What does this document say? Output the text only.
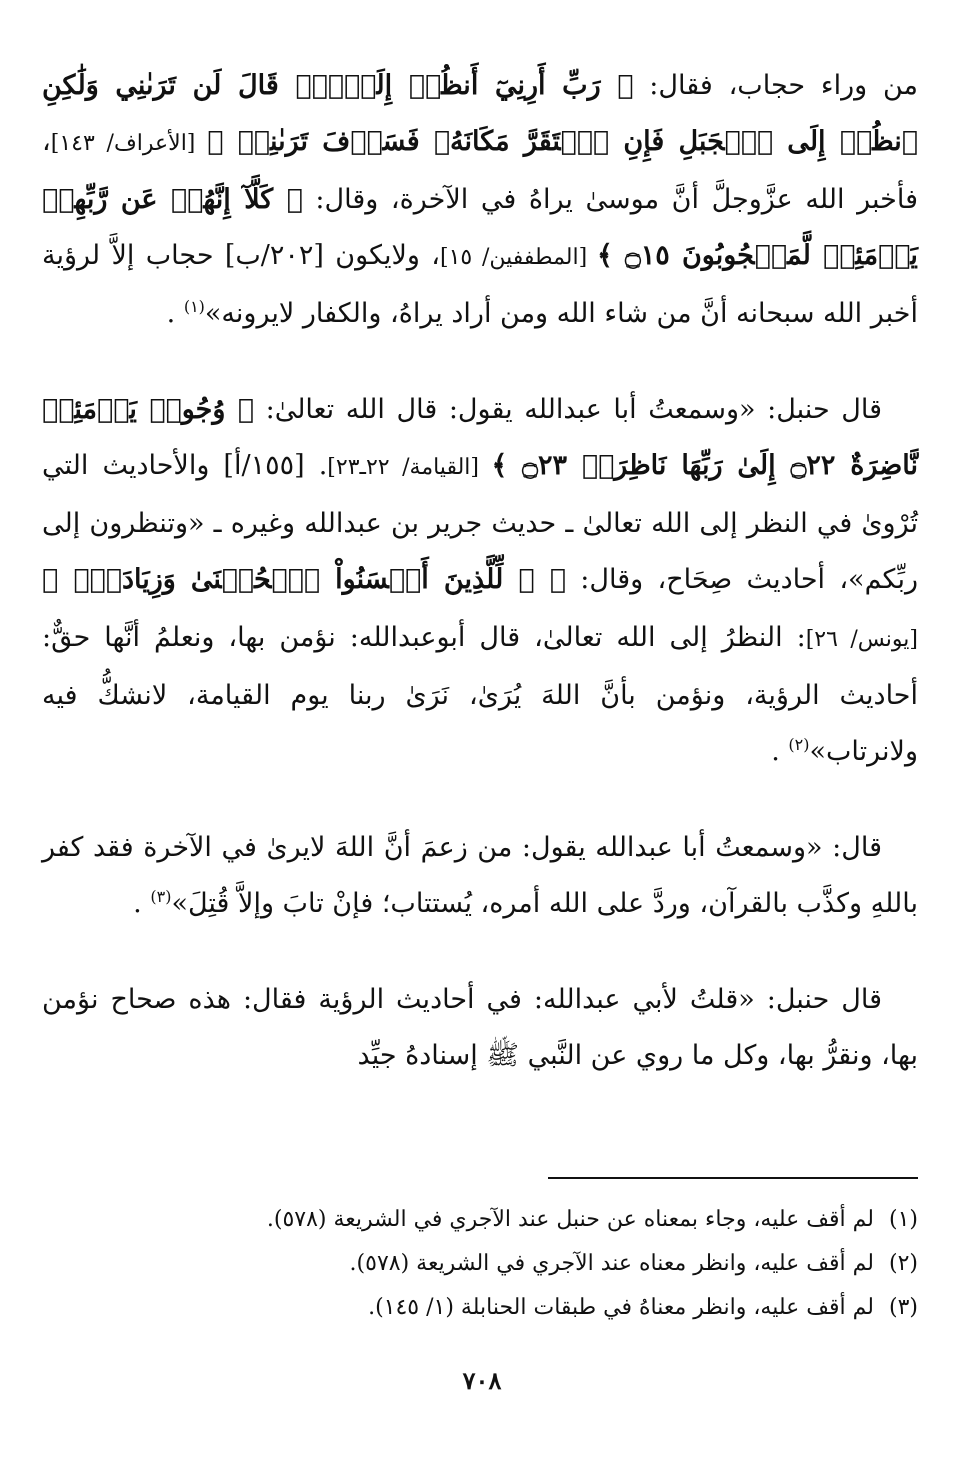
من وراء حجاب، فقال: ﴿ رَبِّ أَرِنِيٓ أَنظُرۡ إِلَيۡكَۚ قَالَ لَن تَرَىٰنِي وَلَٰكِنِ ٱنظُرۡ إِلَى ٱلۡجَبَلِ فَإِنِ ٱسۡتَقَرَّ مَكَانَهُۥ فَسَوۡفَ تَرَىٰنِيۚ ﴾ [الأعراف/ ١٤٣]، فأخبر الله عزَّوجلَّ أنَّ موسىٰ يراهُ في الآخرة، وقال: ﴿ كَلَّآ إِنَّهُمۡ عَن رَّبِّهِمۡ يَوۡمَئِذٖ لَّمَحۡجُوبُونَ ۝١٥ ﴾ [المطففين/ ١٥]، ولايكون [٢٠٢/ب] حجاب إلاَّ لرؤية أخبر الله سبحانه أنَّ من شاء الله ومن أراد يراهُ، والكفار لايرونه»$^{(١)}$ .

قال حنبل: «وسمعتُ أبا عبدالله يقول: قال الله تعالىٰ: ﴿ وُجُوهٞ يَوۡمَئِذٖ نَّاضِرَةٌ ۝٢٢ إِلَىٰ رَبِّهَا نَاظِرَةٞ ۝٢٣ ﴾ [القيامة/ ٢٢ـ٢٣]. [١٥٥/أ] والأحاديث التي تُرْوىٰ في النظر إلى الله تعالىٰ ـ حديث جرير بن عبدالله وغيره ـ «وتنظرون إلى ربِّكم»، أحاديث صِحَاح، وقال: ﴿ ۞ لِّلَّذِينَ أَحۡسَنُواْ ٱلۡحُسۡنَىٰ وَزِيَادَةٞۖ ﴾ [يونس/ ٢٦]: النظرُ إلى الله تعالىٰ، قال أبوعبدالله: نؤمن بها، ونعلمُ أنَّها حقٌّ: أحاديث الرؤية، ونؤمن بأنَّ اللهَ يُرَىٰ، نَرَىٰ ربنا يوم القيامة، لانشكُّ فيه ولانرتاب»$^{(٢)}$ .

قال: «وسمعتُ أبا عبدالله يقول: من زعمَ أنَّ اللهَ لايرىٰ في الآخرة فقد كفر باللهِ وكذَّب بالقرآن، وردَّ على الله أمره، يُستتاب؛ فإنْ تابَ وإلاَّ قُتِلَ»$^{(٣)}$ .

قال حنبل: «قلتُ لأبي عبدالله: في أحاديث الرؤية فقال: هذه صحاح نؤمن بها، ونقرُّ بها، وكل ما روي عن النَّبي ﷺ إسنادهُ جيِّد

(١)
لم أقف عليه، وجاء بمعناه عن حنبل عند الآجري في الشريعة (٥٧٨).
(٢)
لم أقف عليه، وانظر معناه عند الآجري في الشريعة (٥٧٨).
(٣)
لم أقف عليه، وانظر معناهُ في طبقات الحنابلة (١/ ١٤٥).
٧٠٨
